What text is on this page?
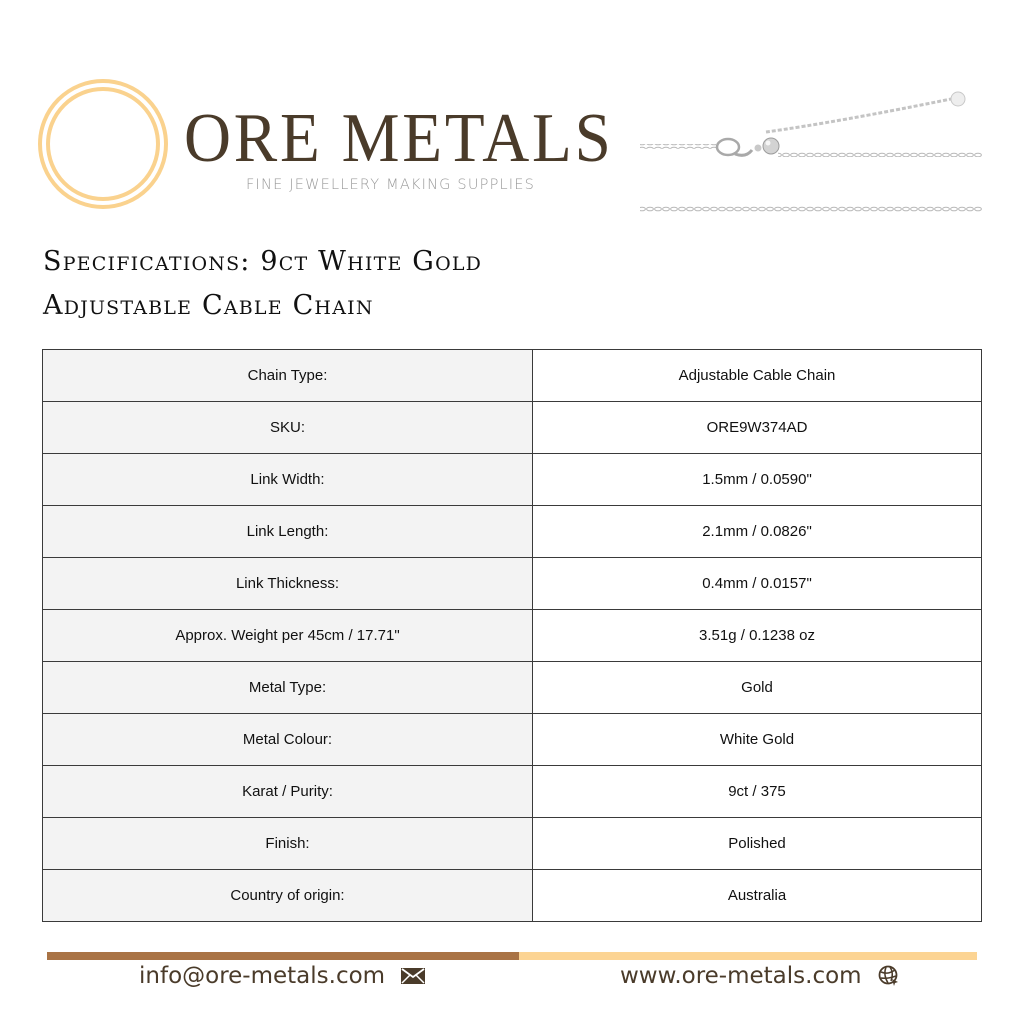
ORE METALS
FINE JEWELLERY MAKING SUPPLIES
Specifications: 9ct White Gold
Adjustable Cable Chain
Chain Type:	Adjustable Cable Chain
SKU:	ORE9W374AD
Link Width:	1.5mm / 0.0590"
Link Length:	2.1mm / 0.0826"
Link Thickness:	0.4mm / 0.0157"
Approx. Weight per 45cm / 17.71"	3.51g / 0.1238 oz
Metal Type:	Gold
Metal Colour:	White Gold
Karat / Purity:	9ct / 375
Finish:	Polished
Country of origin:	Australia
info@ore-metals.com	www.ore-metals.com
